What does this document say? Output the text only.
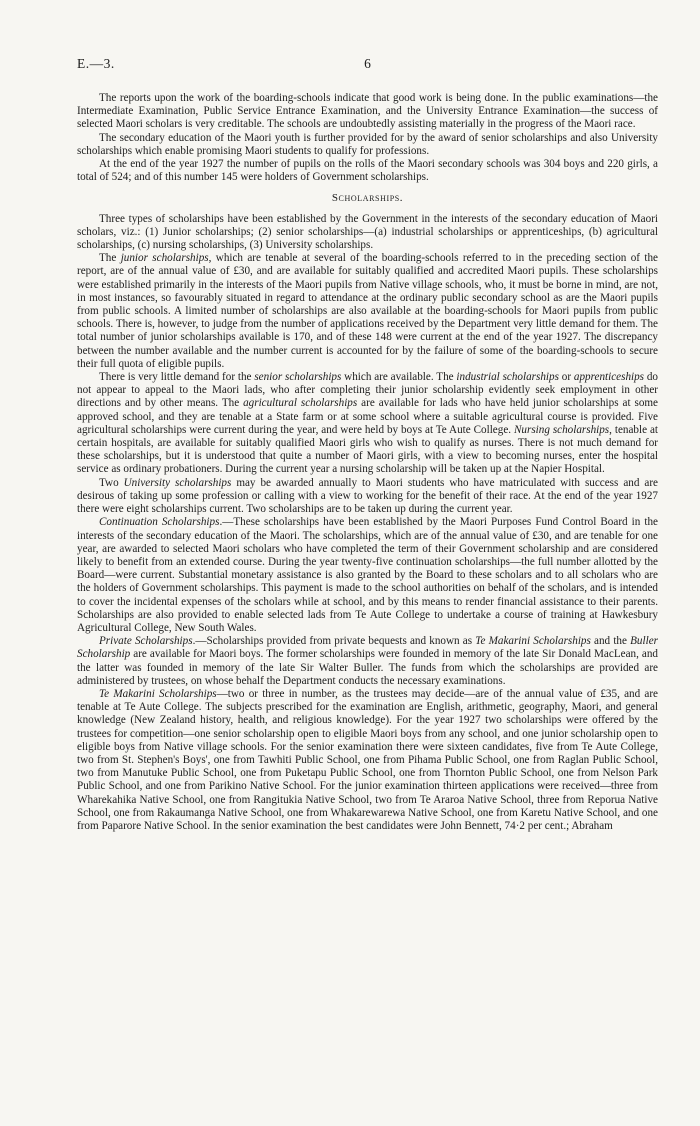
E.—3.	6

The reports upon the work of the boarding-schools indicate that good work is being done. In the public examinations—the Intermediate Examination, Public Service Entrance Examination, and the University Entrance Examination—the success of selected Maori scholars is very creditable. The schools are undoubtedly assisting materially in the progress of the Maori race.

The secondary education of the Maori youth is further provided for by the award of senior scholarships and also University scholarships which enable promising Maori students to qualify for professions.

At the end of the year 1927 the number of pupils on the rolls of the Maori secondary schools was 304 boys and 220 girls, a total of 524; and of this number 145 were holders of Government scholarships.

Scholarships.

Three types of scholarships have been established by the Government in the interests of the secondary education of Maori scholars, viz.: (1) Junior scholarships; (2) senior scholarships—(a) industrial scholarships or apprenticeships, (b) agricultural scholarships, (c) nursing scholarships, (3) University scholarships.

The junior scholarships, which are tenable at several of the boarding-schools referred to in the preceding section of the report, are of the annual value of £30, and are available for suitably qualified and accredited Maori pupils. These scholarships were established primarily in the interests of the Maori pupils from Native village schools, who, it must be borne in mind, are not, in most instances, so favourably situated in regard to attendance at the ordinary public secondary school as are the Maori pupils from public schools. A limited number of scholarships are also available at the boarding-schools for Maori pupils from public schools. There is, however, to judge from the number of applications received by the Department very little demand for them. The total number of junior scholarships available is 170, and of these 148 were current at the end of the year 1927. The discrepancy between the number available and the number current is accounted for by the failure of some of the boarding-schools to secure their full quota of eligible pupils.

There is very little demand for the senior scholarships which are available. The industrial scholarships or apprenticeships do not appear to appeal to the Maori lads, who after completing their junior scholarship evidently seek employment in other directions and by other means. The agricultural scholarships are available for lads who have held junior scholarships at some approved school, and they are tenable at a State farm or at some school where a suitable agricultural course is provided. Five agricultural scholarships were current during the year, and were held by boys at Te Aute College. Nursing scholarships, tenable at certain hospitals, are available for suitably qualified Maori girls who wish to qualify as nurses. There is not much demand for these scholarships, but it is understood that quite a number of Maori girls, with a view to becoming nurses, enter the hospital service as ordinary probationers. During the current year a nursing scholarship will be taken up at the Napier Hospital.

Two University scholarships may be awarded annually to Maori students who have matriculated with success and are desirous of taking up some profession or calling with a view to working for the benefit of their race. At the end of the year 1927 there were eight scholarships current. Two scholarships are to be taken up during the current year.

Continuation Scholarships.—These scholarships have been established by the Maori Purposes Fund Control Board in the interests of the secondary education of the Maori. The scholarships, which are of the annual value of £30, and are tenable for one year, are awarded to selected Maori scholars who have completed the term of their Government scholarship and are considered likely to benefit from an extended course. During the year twenty-five continuation scholarships—the full number allotted by the Board—were current. Substantial monetary assistance is also granted by the Board to these scholars and to all scholars who are the holders of Government scholarships. This payment is made to the school authorities on behalf of the scholars, and is intended to cover the incidental expenses of the scholars while at school, and by this means to render financial assistance to their parents. Scholarships are also provided to enable selected lads from Te Aute College to undertake a course of training at Hawkesbury Agricultural College, New South Wales.

Private Scholarships.—Scholarships provided from private bequests and known as Te Makarini Scholarships and the Buller Scholarship are available for Maori boys. The former scholarships were founded in memory of the late Sir Donald MacLean, and the latter was founded in memory of the late Sir Walter Buller. The funds from which the scholarships are provided are administered by trustees, on whose behalf the Department conducts the necessary examinations.

Te Makarini Scholarships—two or three in number, as the trustees may decide—are of the annual value of £35, and are tenable at Te Aute College. The subjects prescribed for the examination are English, arithmetic, geography, Maori, and general knowledge (New Zealand history, health, and religious knowledge). For the year 1927 two scholarships were offered by the trustees for competition—one senior scholarship open to eligible Maori boys from any school, and one junior scholarship open to eligible boys from Native village schools. For the senior examination there were sixteen candidates, five from Te Aute College, two from St. Stephen's Boys', one from Tawhiti Public School, one from Pihama Public School, one from Raglan Public School, two from Manutuke Public School, one from Puketapu Public School, one from Thornton Public School, one from Nelson Park Public School, and one from Parikino Native School. For the junior examination thirteen applications were received—three from Wharekahika Native School, one from Rangitukia Native School, two from Te Araroa Native School, three from Reporua Native School, one from Rakaumanga Native School, one from Whakarewarewa Native School, one from Karetu Native School, and one from Paparore Native School. In the senior examination the best candidates were John Bennett, 74·2 per cent.; Abraham
